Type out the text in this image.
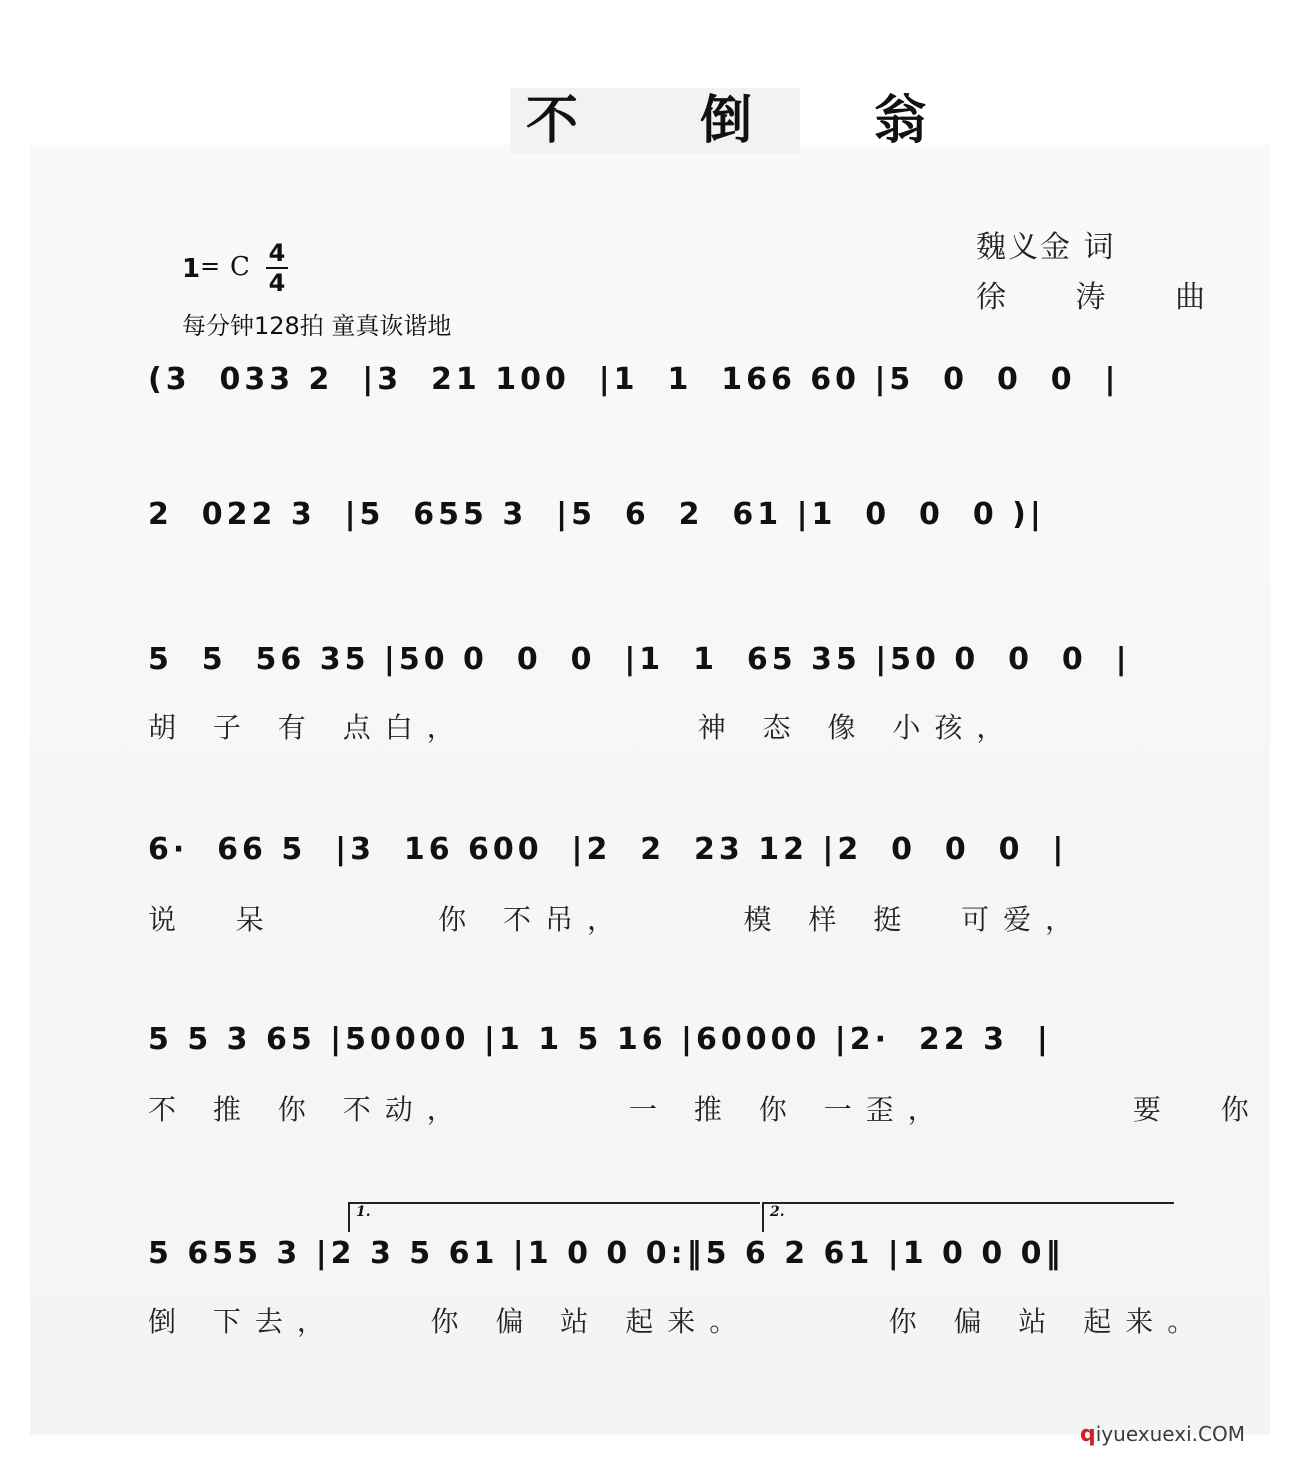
不 倒 翁
1 = C 4
4
每分钟128拍 童真诙谐地
魏义金 词
徐 涛 曲
(3  033 2  |3  21 100  |1  1  166 60 |5  0  0  0  |
2  022 3  |5  655 3  |5  6  2  61 |1  0  0  0 )|
5  5  56 35 |50 0  0  0  |1  1  65 35 |50 0  0  0  |
胡 子 有 点白，          神 态 像 小孩，
6·  66 5  |3  16 600  |2  2  23 12 |2  0  0  0  |
说  呆       你 不吊，     模 样 挺  可爱，
5 5 3 65 |50000 |1 1 5 16 |60000 |2·  22 3  |
不 推 你 不动，       一 推 你 一歪，        要  你
1.	2.
5 655 3 |2 3 5 61 |1 0 0 0:‖5 6 2 61 |1 0 0 0‖
倒 下去，    你 偏 站 起来。      你 偏 站 起来。
qiyuexuexi.COM
